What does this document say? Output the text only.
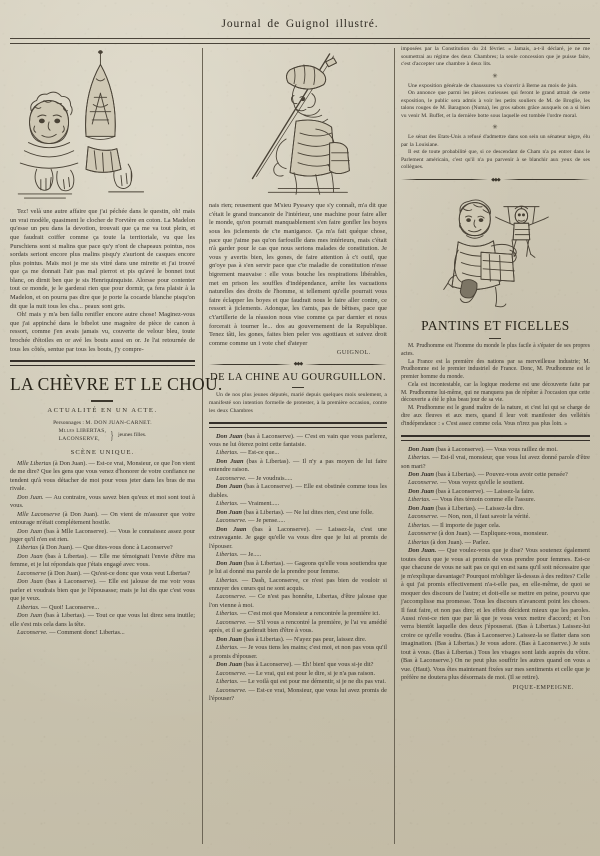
Journal de Guignol illustré.

Tez! velà une autre affaire que j'ai péchée dans le questin, oh! mais un vrai modèle, quasiment le clocher de Forvière en coton. La Madelon qu'esse un peu dans la devotion, trouvait que ça me va tout plein, et que faudrait coiffer comme ça toute la territoriale, vu que les Purschiens sont si malins que pace qu'y n'ont de chapeaux pointus, nos sordats seriont encore plus malins pisqu'y z'auriont de casques encore plus pointus. Maïs moi je me sis vitré dans une mirette et j'ai trouvé que ça me donnait l'air pas mal pierrot et pis qu'avé le bonnet tout blanc, on dirnit ben que je sis Henriquinquiste. Alorsse pour contenter tout ce monde, je le garderai rien que pour dormir, ça fera plaisir à la Madelon, et on pourra pas dire que je porte la cocarde blanche pisqu'on dit que la nuit tous les cha... peaux sont gris.

Oh! mais y m'a ben fallu renifler encore autre chose! Maginez-vous que j'ai appinché dans le bibelot une magnère de pièce de canon à ressort, comme j'en avais jamais vu, couverte de velour bleu, toute brochée d'étoiles en or avé les bouts aussi en or. Je l'ai retournée de tous les côtés, sentue par tous les bouts, j'y compre-

LA CHÈVRE ET LE CHOU.
ACTUALITÉ EN UN ACTE.
Personnages : M. DON JUAN-CARNET.
Mlles LIBERTAS,
LACONSERVE, } jeunes filles.
SCÈNE UNIQUE.

Mlle Libertas (à Don Juan). — Est-ce vrai, Monsieur, ce que l'on vient de me dire? Que les gens que vous venez d'honorer de votre confiance ne tendent qu'à vous détacher de moi pour vous jeter dans les bras de ma rivale.

Don Juan. — Au contraire, vous savez bien qu'eux et moi sont tout à vous.

Mlle Laconserve (à Don Juan). — On vient de m'assurer que votre entourage m'était complétement hostile.

Don Juan (bas à Mlle Laconserve). — Vous le connaissez assez pour juger qu'il n'en est rien.

Libertas (à Don Juan). — Que dites-vous donc à Laconserve?

Don Juan (bas à Libertas). — Elle me témoignait l'envie d'être ma femme, et je lui répondais que j'étais engagé avec vous.

Laconserve (à Don Juan). — Qu'est-ce donc que vous veut Libertas?

Don Juan (bas à Laconserve). — Elle est jalouse de me voir vous parler et voudrais bien que je l'épousasse; mais je lui dis que c'est vous que je veux.

Libertas. — Quoi! Laconserve...

Don Juan (bas à Libertas). — Tout ce que vous lui direz sera inutile; elle s'est mis cela dans la tête.

Laconserve. — Comment donc! Libertas...

nais rien; reusement que M'sieu Pyssavy que s'y connaît, m'a dit que c'était le grand trancanoir de l'intérieur, une machine pour faire aller le monde, qu'on pourrait manquablement s'en faire gonfler les boyes sous les jiclements de c'te manigance. Ça m'a fait quéque chose, pace que j'aime pas qu'on farfouille dans mes intérieurs, mais c'était n'à garder pour le cas que nous serions malades de constitution. Je vous y avertis bien, les gones, de faire attention à c't outil, que gn'oye pas à s'en servir pace que c'te maladie de constitution n'esse bigrement mauvaise : elle vous bouche les respirations libérables, met en prison les souffles d'indépendance, arrête les vacuations naturelles des droits de l'homme, si tellement qu'elle pourrait vous faire éclapper les boyes et que faudrait nous le faire aller contre, ce ressort à jiclements. Adonque, les t'amis, pas de bêtises, pace que c't'artillerie de la réassion nous vise comme ça par darnier et nous forcerait à tourner le... dos au gouvernement de la Republique. Tenez tâti, les gones, faites bien peler vos agottiaux et suivez droit comme comme un i vote chef d'ateyer

GUIGNOL.
◆◆◆
DE LA CHINE AU GOURGUILLON.

Un de nos plus jeunes députés, marié depuis quelques mois seulement, a manifesté son intention formelle de protester, à la première occasion, contre les deux Chambres

Don Juan (bas à Laconserve). — C'est en vain que vous parlerez, vous ne lui ôterez point cette fantaisie.

Libertas. — Est-ce que...

Don Juan (bas à Libertas). — Il n'y a pas moyen de lui faire entendre raison.

Laconserve. — Je voudrais.....

Don Juan (bas à Laconserve). — Elle est obstinée comme tous les diables.

Libertas. — Vraiment.....

Don Juan (bas à Libertas). — Ne lui dites rien, c'est une folle.

Laconserve. — Je pense.....

Don Juan (bas à Laconserve). — Laissez-la, c'est une extravagante. Je gage qu'elle va vous dire que je lui ai promis de l'épouser.

Libertas. — Je.....

Don Juan (bas à Libertas). — Gageons qu'elle vous soutiendra que je lui ai donné ma parole de la prendre pour femme.

Libertas. — Dash, Laconserve, ce n'est pas bien de vouloir si ennuyer des cœurs qui ne sont acquis.

Laconserve. — Ce n'est pas honnête, Libertas, d'être jalouse que l'on vienne à moi.

Libertas. — C'est moi que Monsieur a rencontrée la première ici.

Laconserve. — S'il vous a rencontré la première, je l'ai vu amédié après, et il se garderait bien d'être à vous.

Don Juan (bas à Libertas). — N'ayez pas peur, laissez dire.

Libertas. — Je vous tiens les mains; c'est moi, et non pas vous qu'il a promis d'épouser.

Don Juan (bas à Laconserve). — Eh! bien! que vous si-je dit?

Laconserve. — Le vrai, qui est pour le dire, si je n'a pas raison.

Libertas. — Le voilà qui est pour me démentir, si je ne dis pas vrai.

Laconserve. — Est-ce vrai, Monsieur, que vous lui avez promis de l'épouser?

imposées par la Constitution du 24 février. « Jamais, a-t-il déclaré, je ne me soumettrai au régime des deux Chambres; la seule concession que je puisse faire, c'est d'accepter une chambre à deux lits.

✳

Une exposition générale de chaussures va s'ouvrir à Berne au mois de juin.

On annonce que parmi les pièces curieuses qui feront le grand attrait de cette exposition, le public sera admis à voir les petits souliers de M. de Broglie, les talons rouges de M. Baragnon (Numa), les gros sabots grâce auxquels on a si bien vu venir M. Buffet, et la dernière botte sous laquelle est tombée l'ordre moral.

✳

Le sénat des Etats-Unis a refusé d'admettre dans son sein un sénateur nègre, élu par la Louisiane.

Il est de toute probabilité que, si ce descendant de Cham n'a pu entrer dans le Parlement américain, c'est qu'il n'a pu parvenir à se blanchir aux yeux de ses collègues.

◆◆◆
PANTINS ET FICELLES

M. Prudhomme est l'homme du monde le plus facile à s'épater de ses propres actes.

La France est la première des nations par sa merveilleuse industrie; M. Prudhomme est le premier industriel de France. Donc, M. Prudhomme est le premier homme du monde.

Cela est incontestable, car la logique moderne est une découverte faite par M. Prudhomme lui-même, qui ne manquera pas de répéter à l'occasion que cette découverte a été le plus beau jour de sa vie.

M. Prudhomme est le grand maître de la nature, et c'est lui qui se charge de dire aux fleuves et aux mers, quand il leur voit manifester des velléités d'indépendance : « C'est assez comme cela. Vous n'irez pas plus loin. »

Don Juan (bas à Laconserve). — Vous vous raillez de moi.

Libertas. — Est-il vrai, monsieur, que vous lui avez donné parole d'être son mari?

Don Juan (bas à Libertas). — Pouvez-vous avoir cette pensée?

Laconserve. — Vous voyez qu'elle le soutient.

Don Juan (bas à Laconserve). — Laissez-la faire.

Libertas. — Vous êtes témoin comme elle l'assure.

Don Juan (bas à Libertas). — Laissez-la dire.

Laconserve. — Non, non, il faut savoir la vérité.

Libertas. — Il importe de juger cela.

Laconserve (à don Juan). — Expliquez-vous, monsieur.

Libertas (à don Juan). — Parlez.

Don Juan. — Que voulez-vous que je dise? Vous soutenez également toutes deux que je vous ai promis de vous prendre pour femmes. Est-ce que chacune de vous ne sait pas ce qui en est sans qu'il soit nécessaire que je m'explique davantage? Pourquoi m'obliger là-dessus à des redites? Celle à qui j'ai promis effectivement n'a-t-elle pas, en elle-même, de quoi se moquer des discours de l'autre; et doit-elle se mettre en peine, pourvu que j'accomplisse ma promesse. Tous les discours n'avancent point les choses. Il faut faire, et non pas dire; et les effets décident mieux que les paroles. Aussi n'est-ce rien que par là que je vous veux mettre d'accord; et l'on verra bientôt laquelle des deux j'épouserai. (Bas à Libertas.) Laissez-lui croire ce qu'elle voudra. (Bas à Laconserve.) Laissez-la se flatter dans son imagination. (Bas à Libertas.) Je vous adore. (Bas à Laconserve.) Je suis tout à vous. (Bas à Libertas.) Tous les visages sont laids auprès du vôtre. (Bas à Laconserve.) On ne peut plus souffrir les autres quand on vous a vue. (Haut). Vous êtes maintenant fixées sur mes sentiments et celle que je préfère ne doutera plus désormais de moi. (Il se retire).

PIQUE-EMPEIGNE.
